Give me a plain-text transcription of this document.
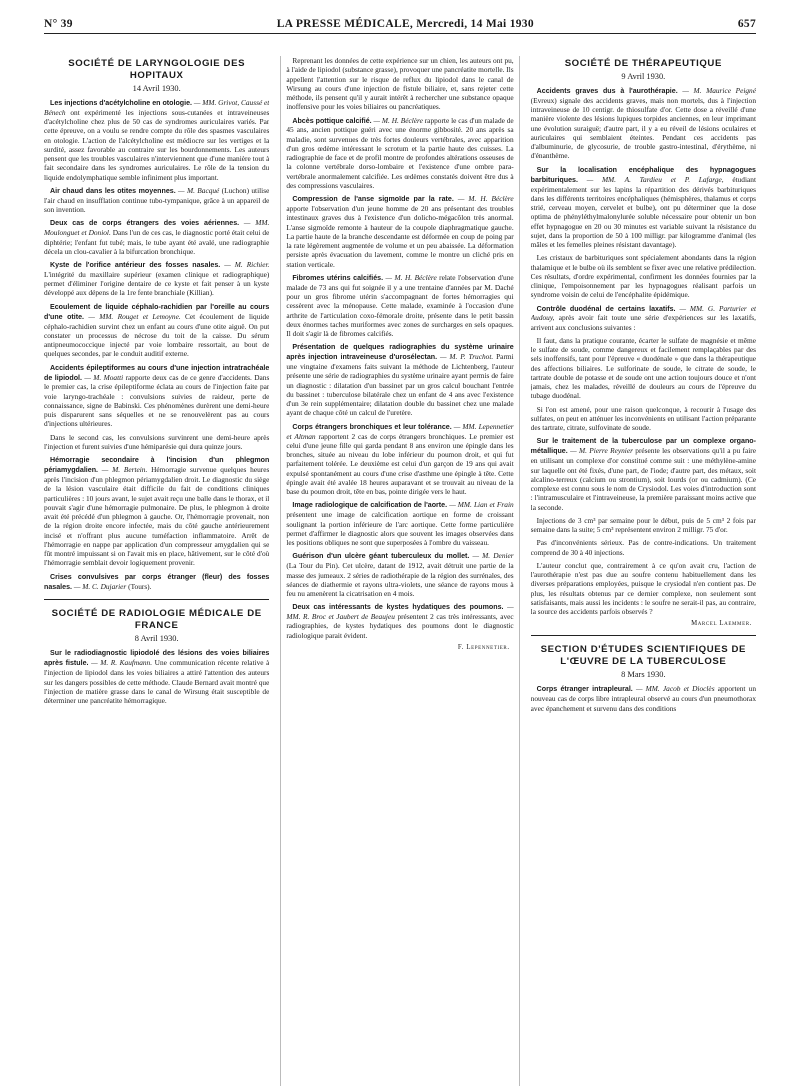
N° 39	LA PRESSE MÉDICALE, Mercredi, 14 Mai 1930	657
SOCIÉTÉ DE LARYNGOLOGIE DES HOPITAUX
14 Avril 1930.

Les injections d'acétylcholine en otologie. — MM. Grivot, Caussé et Bénech ont expérimenté les injections sous-cutanées et intraveineuses d'acétylcholine chez plus de 50 cas de syndromes auriculaires variés. Par cette épreuve, on a voulu se rendre compte du rôle des spasmes vasculaires en otologie. L'action de l'alcétylcholine est médiocre sur les vertiges et la surdité, assez favorable au contraire sur les bourdonnements. Les auteurs pensent que les troubles vasculaires n'interviennent que d'une manière tout à fait secondaire dans les syndromes auriculaires. Le rôle de la tension du liquide endolymphatique semble infiniment plus important.

Air chaud dans les otites moyennes. — M. Bacqué (Luchon) utilise l'air chaud en insufflation continue tubo-tympanique, grâce à un appareil de son invention.

Deux cas de corps étrangers des voies aériennes. — MM. Moulonguet et Doniol. Dans l'un de ces cas, le diagnostic porté était celui de diphtérie; l'enfant fut tubé; mais, le tube ayant été avalé, une radiographie décela un clou-cavalier à la bifurcation bronchique.

Kyste de l'orifice antérieur des fosses nasales. — M. Richier. L'intégrité du maxillaire supérieur (examen clinique et radiographique) permet d'éliminer l'origine dentaire de ce kyste et fait penser à un kyste développé aux dépens de la 1re fente branchiale (Killian).

Ecoulement de liquide céphalo-rachidien par l'oreille au cours d'une otite. — MM. Rouget et Lemoyne. Cet écoulement de liquide céphalo-rachidien survint chez un enfant au cours d'une otite aiguë. On put constater un processus de nécrose du toit de la caisse. Du sérum antipneumococcique injecté par voie lombaire ressortait, au bout de quelques secondes, par le conduit auditif externe.

Accidents épileptiformes au cours d'une injection intratrachéale de lipiodol. — M. Moatti rapporte deux cas de ce genre d'accidents. Dans le premier cas, la crise épileptiforme éclata au cours de l'injection faite par voie laryngo-trachéale : convulsions suivies de raideur, perte de connaissance, signe de Babinski. Ces phénomènes durèrent une demi-heure puis disparurent sans séquelles et ne se renouvelèrent pas au cours d'injections ultérieures.

Dans le second cas, les convulsions survinrent une demi-heure après l'injection et furent suivies d'une hémiparésie qui dura quinze jours.

Hémorragie secondaire à l'incision d'un phlegmon périamygdalien. — M. Bertein. Hémorragie survenue quelques heures après l'incision d'un phlegmon périamygdalien droit. Le diagnostic du siège de la lésion vasculaire était difficile du fait de conditions cliniques particulières : 10 jours avant, le sujet avait reçu une balle dans le thorax, et il pouvait s'agir d'une hémorragie pulmonaire. De plus, le phlegmon à droite avait été précédé d'un phlegmon à gauche. Or, l'hémorragie provenait, non de la région droite encore infectée, mais du côté gauche antérieurement incisé et n'offrant plus aucune tuméfaction inflammatoire. Arrêt de l'hémorragie en nappe par application d'un compresseur amygdalien qui se fût montré impuissant si on l'avait mis en place, hâtivement, sur le côté d'où l'hémorragie semblait devoir logiquement provenir.

Crises convulsives par corps étranger (fleur) des fosses nasales. — M. C. Dujarier (Tours).

SOCIÉTÉ DE RADIOLOGIE MÉDICALE DE FRANCE
8 Avril 1930.

Sur le radiodiagnostic lipiodolé des lésions des voies biliaires après fistule. — M. R. Kaufmann. Une communication récente relative à l'injection de lipiodol dans les voies biliaires a attiré l'attention des auteurs sur les dangers possibles de cette méthode. Claude Bernard avait montré que l'injection de matière grasse dans le canal de Wirsung était susceptible de déterminer une pancréatite hémorragique.

Reprenant les données de cette expérience sur un chien, les auteurs ont pu, à l'aide de lipiodol (substance grasse), provoquer une pancréatite mortelle. Ils appellent l'attention sur le risque de reflux du lipiodol dans le canal de Wirsung au cours d'une injection de fistule biliaire, et, sans rejeter cette méthode, ils pensent qu'il y aurait intérêt à rechercher une substance opaque inoffensive pour les voies biliaires ou pancréatiques.

Abcès pottique calcifié. — M. H. Béclère rapporte le cas d'un malade de 45 ans, ancien pottique guéri avec une énorme gibbosité. 20 ans après sa maladie, sont survenues de très fortes douleurs vertébrales, avec apparition d'un gros œdème intéressant le scrotum et la partie haute des cuisses. La radiographie de face et de profil montre de profondes altérations osseuses de la colonne vertébrale dorso-lombaire et l'existence d'une ombre para-vertébrale anormalement calcifiée. Les œdèmes constatés doivent être dus à des compressions vasculaires.

Compression de l'anse sigmoïde par la rate. — M. H. Béclère apporte l'observation d'un jeune homme de 20 ans présentant des troubles intestinaux graves dus à l'existence d'un dolicho-mégacôlon très anormal. L'anse sigmoïde remonte à hauteur de la coupole diaphragmatique gauche. La partie haute de la branche descendante est déformée en coup de poing par la rate légèrement augmentée de volume et un peu abaissée. La déformation persiste après évacuation du lavement, comme le montre un cliché pris en station verticale.

Fibromes utérins calcifiés. — M. H. Béclère relate l'observation d'une malade de 73 ans qui fut soignée il y a une trentaine d'années par M. Daché pour un gros fibrome utérin s'accompagnant de fortes hémorragies qui cessèrent avec la ménopause. Cette malade, examinée à l'occasion d'une arthrite de l'articulation coxo-fémorale droite, présente dans le petit bassin deux énormes taches muriformes avec zones de surcharges en sels opaques. Il doit s'agir là de fibromes calcifiés.

Présentation de quelques radiographies du système urinaire après injection intraveineuse d'urosélectan. — M. P. Truchot. Parmi une vingtaine d'examens faits suivant la méthode de Lichtenberg, l'auteur présente une série de radiographies du système urinaire ayant permis de faire un diagnostic : dilatation d'un bassinet par un gros calcul bouchant l'entrée du bassinet : tuberculose bilatérale chez un enfant de 4 ans avec l'existence d'un 3e rein supplémentaire; dilatation double du bassinet chez une malade ayant de chaque côté un calcul de l'uretère.

Corps étrangers bronchiques et leur tolérance. — MM. Lepennetier et Altman rapportent 2 cas de corps étrangers bronchiques. Le premier est celui d'une jeune fille qui garda pendant 8 ans environ une épingle dans les bronches, située au niveau du lobe inférieur du poumon droit, et qui fut parfaitement tolérée. Le deuxième est celui d'un garçon de 19 ans qui avait expulsé spontanément au cours d'une crise d'asthme une épingle à tête. Cette épingle avait été avalée 18 heures auparavant et se trouvait au niveau de la base du poumon droit, tête en bas, pointe dirigée vers le haut.

Image radiologique de calcification de l'aorte. — MM. Lian et Frain présentent une image de calcification aortique en forme de croissant soulignant la portion inférieure de l'arc aortique. Cette forme particulière permet d'affirmer le diagnostic alors que souvent les images observées dans les positions obliques ne sont que superposées à l'ombre du vaisseau.

Guérison d'un ulcère géant tuberculeux du mollet. — M. Denier (La Tour du Pin). Cet ulcère, datant de 1912, avait détruit une partie de la masse des jumeaux. 2 séries de radiothérapie de la région des surrénales, des séances de diathermie et rayons ultra-violets, une séance de rayons mous à feu nu amenèrent la cicatrisation en 4 mois.

Deux cas intéressants de kystes hydatiques des poumons. — MM. R. Broc et Jaubert de Beaujeu présentent 2 cas très intéressants, avec radiographies, de kystes hydatiques des poumons dont le diagnostic radiologique parait évident.

F. Lepennetier.
SOCIÉTÉ DE THÉRAPEUTIQUE
9 Avril 1930.

Accidents graves dus à l'aurothérapie. — M. Maurice Peigné (Evreux) signale des accidents graves, mais non mortels, dus à l'injection intraveineuse de 10 centigr. de thiosulfate d'or. Cette dose a réveillé d'une manière violente des lésions lupiques torpides anciennes, en leur imprimant une évolution suraiguë; d'autre part, il y a eu réveil de lésions oculaires et auriculaires qui semblaient éteintes. Pendant ces accidents pas d'albuminurie, de glycosurie, de trouble gastro-intestinal, d'érythème, ni d'énanthème.

Sur la localisation encéphalique des hypnagogues barbituriques. — MM. A. Tardieu et P. Lafarge, étudiant expérimentalement sur les lapins la répartition des dérivés barbituriques dans les différents territoires encéphaliques (hémisphères, thalamus et corps strié, cerveau moyen, cervelet et bulbe), ont pu déterminer que la dose optima de phényléthylmalonylurée soluble nécessaire pour obtenir un bon effet hypnagogue en 20 ou 30 minutes est variable suivant la résistance du sujet, dans la proportion de 50 à 100 milligr. par kilogramme d'animal (les mâles et les femelles pleines résistant davantage).

Les cristaux de barbituriques sont spécialement abondants dans la région thalamique et le bulbe où ils semblent se fixer avec une relative prédilection. Ces résultats, d'ordre expérimental, confirment les données fournies par la clinique, l'empoisonnement par les hypnagogues réalisant parfois un syndrome voisin de celui de l'encéphalite épidémique.

Contrôle duodénal de certains laxatifs. — MM. G. Parturier et Audouy, après avoir fait toute une série d'expériences sur les laxatifs, arrivent aux conclusions suivantes :

Il faut, dans la pratique courante, écarter le sulfate de magnésie et même le sulfate de soude, comme dangereux et facilement remplaçables par des sels inoffensifs, tant pour l'épreuve « duodénale » que dans la thérapeutique des affections biliaires. Le sulforinate de soude, le citrate de soude, le tartrate double de potasse et de soude ont une action toujours douce et n'ont jamais, chez les malades, réveillé de douleurs au cours de l'épreuve du tubage duodénal.

Si l'on est amené, pour une raison quelconque, à recourir à l'usage des sulfates, on peut en atténuer les inconvénients en utilisant l'action préparante des tartrate, citrate, sulfovinate de soude.

Sur le traitement de la tuberculose par un complexe organo-métallique. — M. Pierre Reynier présente les observations qu'il a pu faire en utilisant un complexe d'or constitué comme suit : une méthylène-amine sur laquelle ont été fixés, d'une part, de l'iode; d'autre part, des métaux, soit alcalino-terreux (calcium ou strontium), soit lourds (or ou cadmium). (Ce complexe est connu sous le nom de Crysiodol. Les voies d'introduction sont : l'intramusculaire et l'intraveineuse, la première paraissant moins active que la seconde.

Injections de 3 cm³ par semaine pour le début, puis de 5 cm³ 2 fois par semaine dans la suite; 5 cm³ représentent environ 2 milligr. 75 d'or.

Pas d'inconvénients sérieux. Pas de contre-indications. Un traitement comprend de 30 à 40 injections.

L'auteur conclut que, contrairement à ce qu'on avait cru, l'action de l'aurothérapie n'est pas due au soufre contenu habituellement dans les diverses préparations employées, puisque le crysiodal n'en contient pas. De plus, les résultats obtenus par ce dernier complexe, non seulement sont satisfaisants, mais aussi les incidents : le soufre ne serait-il pas, au contraire, la source des accidents parfois observés ?

Marcel Laemmer.
SECTION D'ÉTUDES SCIENTIFIQUES DE L'ŒUVRE DE LA TUBERCULOSE
8 Mars 1930.

Corps étranger intrapleural. — MM. Jacob et Dioclès apportent un nouveau cas de corps libre intrapleural observé au cours d'un pneumothorax avec épanchement et survenu dans des conditions
